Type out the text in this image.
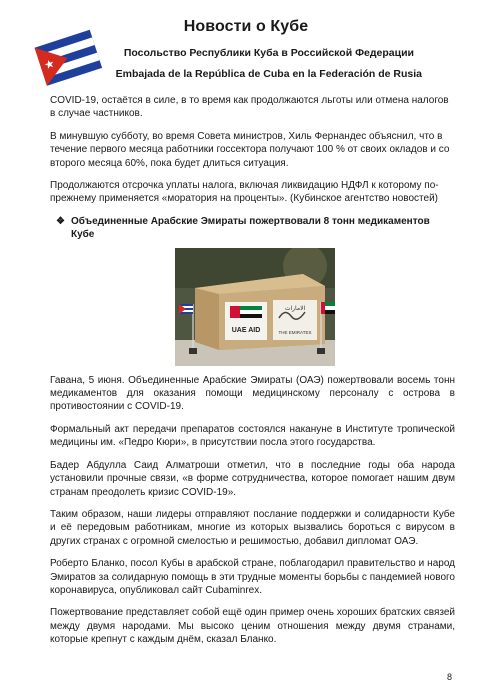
Новости о Кубе
Посольство Республики Куба в Российской Федерации
Embajada de la República de Cuba en la Federación de Rusia

COVID-19, остаётся в силе, в то время как продолжаются льготы или отмена налогов в случае частников.

В минувшую субботу, во время Совета министров, Хиль Фернандес объяснил, что в течение первого месяца работники госсектора получают 100 % от своих окладов и со второго месяца 60%, пока будет длиться ситуация.

Продолжаются отсрочка уплаты налога, включая ликвидацию НДФЛ к которому по-прежнему применяется «моратория на проценты». (Кубинское агентство новостей)

❖ Объединенные Арабские Эмираты пожертвовали 8 тонн медикаментов Кубе
UAE AID
الامارات
THE EMIRATES

Гавана, 5 июня. Объединенные Арабские Эмираты (ОАЭ) пожертвовали восемь тонн медикаментов для оказания помощи медицинскому персоналу с острова в противостоянии с COVID-19.

Формальный акт передачи препаратов состоялся накануне в Институте тропической медицины им. «Педро Кюри», в присутствии посла этого государства.

Бадер Абдулла Саид Алматроши отметил, что в последние годы оба народа установили прочные связи, «в форме сотрудничества, которое помогает нашим двум странам преодолеть кризис COVID-19».

Таким образом, наши лидеры отправляют послание поддержки и солидарности Кубе и её передовым работникам, многие из которых вызвались бороться с вирусом в других странах с огромной смелостью и решимостью, добавил дипломат ОАЭ.

Роберто Бланко, посол Кубы в арабской стране, поблагодарил правительство и народ Эмиратов за солидарную помощь в эти трудные моменты борьбы с пандемией нового коронавируса, опубликовал сайт Cubaminrex.

Пожертвование представляет собой ещё один пример очень хороших братских связей между двумя народами. Мы высоко ценим отношения между двумя странами, которые крепнут с каждым днём, сказал Бланко.

8
